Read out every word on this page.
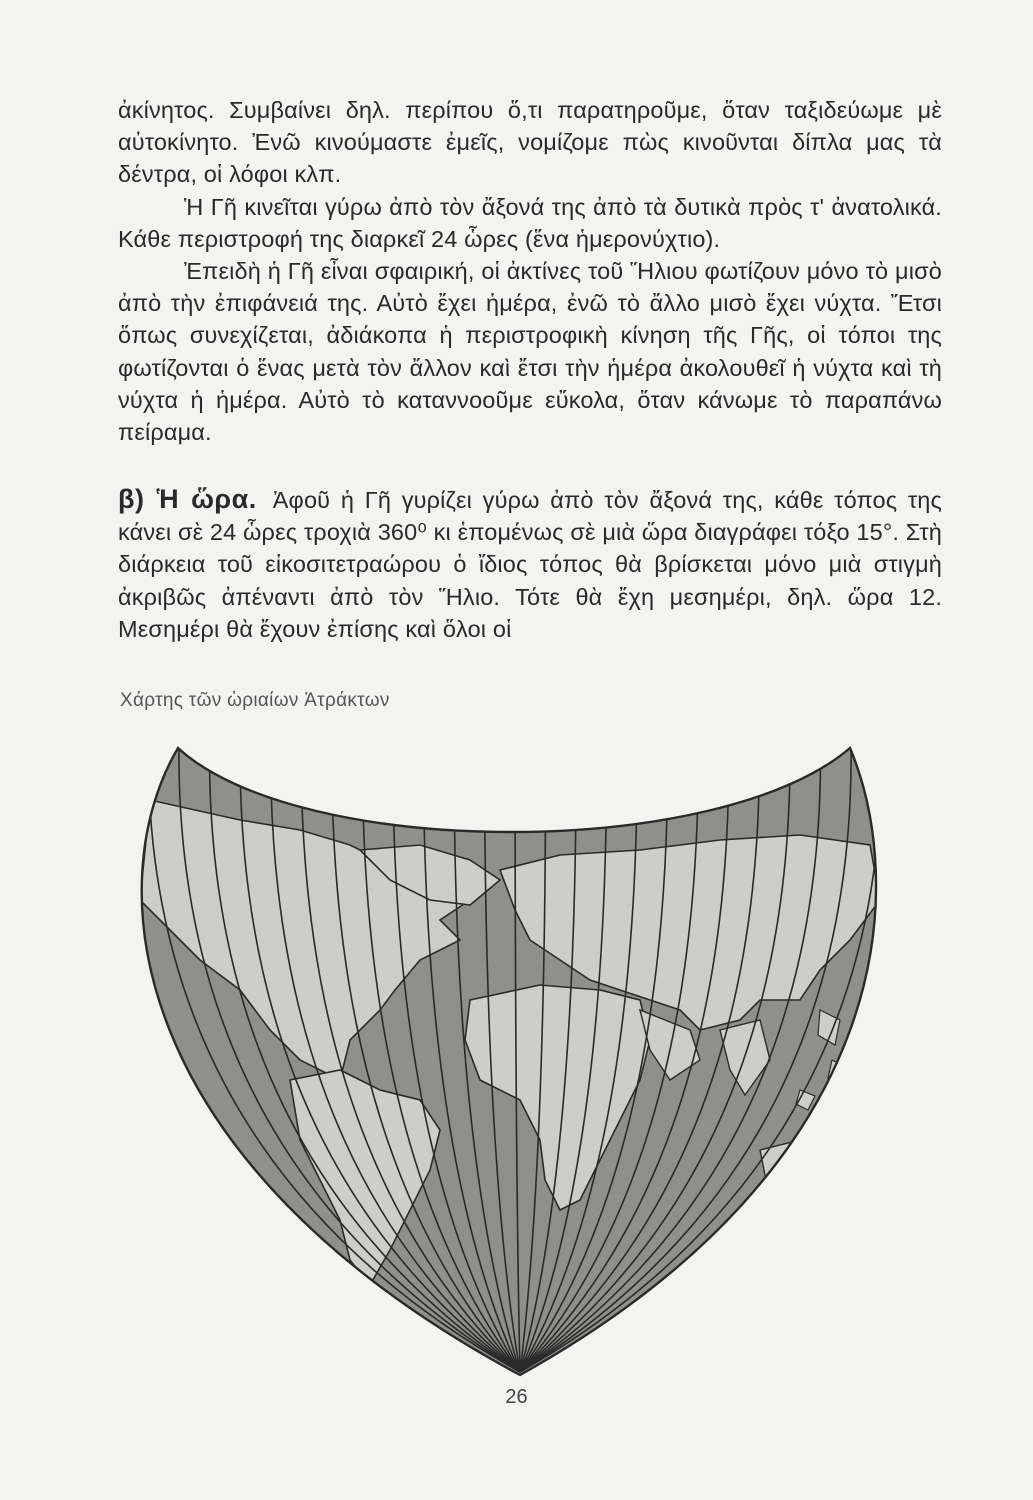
ἀκίνητος. Συμβαίνει δηλ. περίπου ὅ,τι παρατηροῦμε, ὅταν ταξιδεύωμε μὲ αὐτοκίνητο. Ἐνῶ κινούμαστε ἐμεῖς, νομίζομε πὼς κινοῦνται δίπλα μας τὰ δέντρα, οἱ λόφοι κλπ.

Ἡ Γῆ κινεῖται γύρω ἀπὸ τὸν ἄξονά της ἀπὸ τὰ δυτικὰ πρὸς τ' ἀνατολικά. Κάθε περιστροφή της διαρκεῖ 24 ὧρες (ἕνα ἡμερονύχτιο).

Ἐπειδὴ ἡ Γῆ εἶναι σφαιρική, οἱ ἀκτίνες τοῦ Ἥλιου φωτίζουν μόνο τὸ μισὸ ἀπὸ τὴν ἐπιφάνειά της. Αὐτὸ ἔχει ἡμέρα, ἐνῶ τὸ ἄλλο μισὸ ἔχει νύχτα. Ἔτσι ὅπως συνεχίζεται, ἀδιάκοπα ἡ περιστροφικὴ κίνηση τῆς Γῆς, οἱ τόποι της φωτίζονται ὁ ἕνας μετὰ τὸν ἄλλον καὶ ἔτσι τὴν ἡμέρα ἀκολουθεῖ ἡ νύχτα καὶ τὴ νύχτα ἡ ἡμέρα. Αὐτὸ τὸ καταννοοῦμε εὔκολα, ὅταν κάνωμε τὸ παραπάνω πείραμα.

β) Ἡ ὥρα. Ἀφοῦ ἡ Γῆ γυρίζει γύρω ἀπὸ τὸν ἄξονά της, κάθε τόπος της κάνει σὲ 24 ὧρες τροχιὰ 360⁰ κι ἑπομένως σὲ μιὰ ὥρα διαγράφει τόξο 15°. Στὴ διάρκεια τοῦ εἰκοσιτετραώρου ὁ ἴδιος τόπος θὰ βρίσκεται μόνο μιὰ στιγμὴ ἀκριβῶς ἀπέναντι ἀπὸ τὸν Ἥλιο. Τότε θὰ ἔχη μεσημέρι, δηλ. ὥρα 12. Μεσημέρι θὰ ἔχουν ἐπίσης καὶ ὅλοι οἱ

Χάρτης τῶν ὡριαίων Ἀτράκτων
26
